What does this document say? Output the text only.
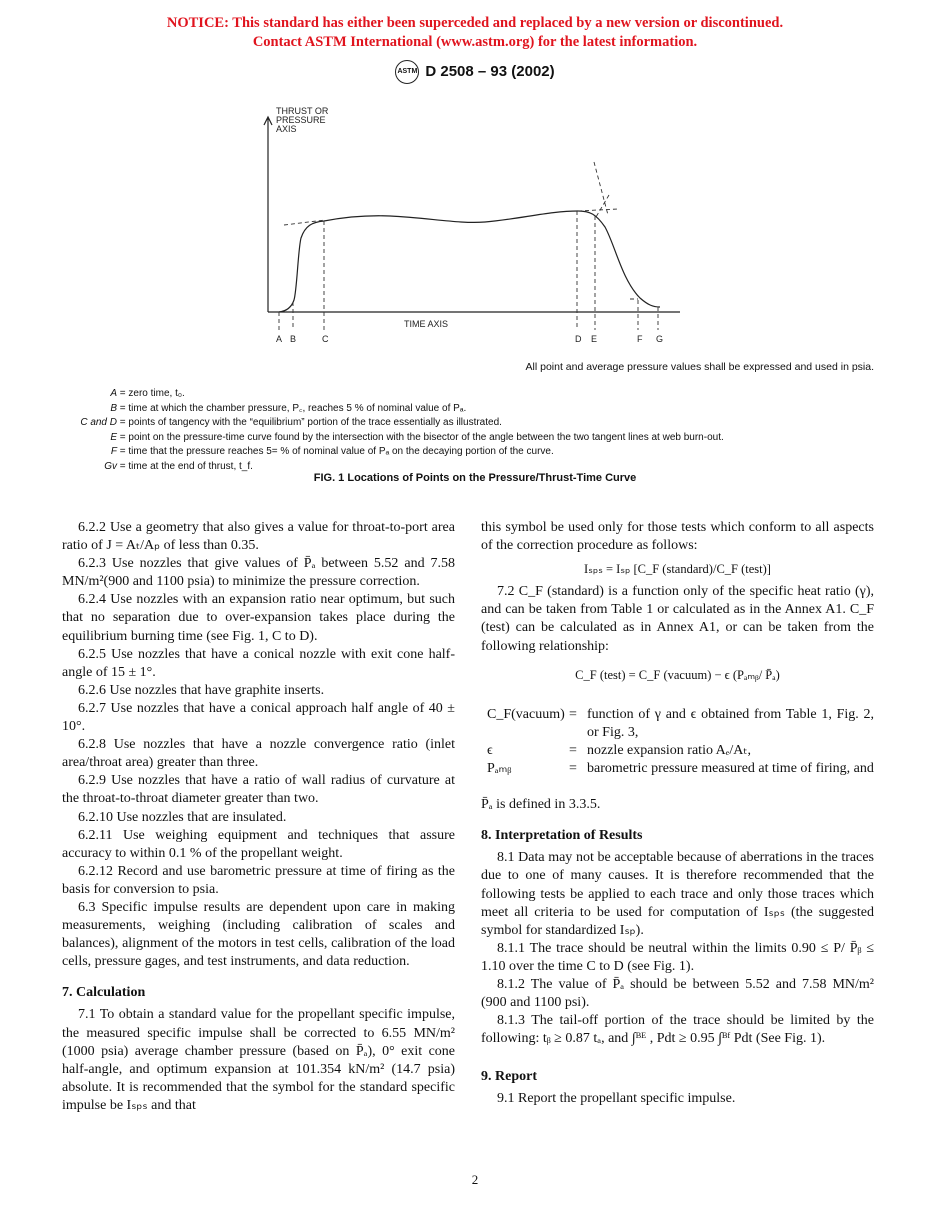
NOTICE: This standard has either been superceded and replaced by a new version or discontinued.
Contact ASTM International (www.astm.org) for the latest information.
ASTM D 2508 – 93 (2002)
THRUST OR
PRESSURE
AXIS
TIME AXIS
A B	C	D E	F G
All point and average pressure values shall be expressed and used in psia.
A = zero time, t₀.
B = time at which the chamber pressure, P꜀, reaches 5 % of nominal value of Pₐ.
C and D = points of tangency with the “equilibrium” portion of the trace essentially as illustrated.
E = point on the pressure-time curve found by the intersection with the bisector of the angle between the two tangent lines at web burn-out.
F = time that the pressure reaches 5= % of nominal value of Pₐ on the decaying portion of the curve.
Gv = time at the end of thrust, t_f.
FIG. 1 Locations of Points on the Pressure/Thrust-Time Curve

6.2.2 Use a geometry that also gives a value for throat-to-port area ratio of J = Aₜ/Aₚ of less than 0.35.

6.2.3 Use nozzles that give values of P̄ₐ between 5.52 and 7.58 MN/m²(900 and 1100 psia) to minimize the pressure correction.

6.2.4 Use nozzles with an expansion ratio near optimum, but such that no separation due to over-expansion takes place during the equilibrium burning time (see Fig. 1, C to D).

6.2.5 Use nozzles that have a conical nozzle with exit cone half-angle of 15 ± 1°.

6.2.6 Use nozzles that have graphite inserts.

6.2.7 Use nozzles that have a conical approach half angle of 40 ± 10°.

6.2.8 Use nozzles that have a nozzle convergence ratio (inlet area/throat area) greater than three.

6.2.9 Use nozzles that have a ratio of wall radius of curvature at the throat-to-throat diameter greater than two.

6.2.10 Use nozzles that are insulated.

6.2.11 Use weighing equipment and techniques that assure accuracy to within 0.1 % of the propellant weight.

6.2.12 Record and use barometric pressure at time of firing as the basis for conversion to psia.

6.3 Specific impulse results are dependent upon care in making measurements, weighing (including calibration of scales and balances), alignment of the motors in test cells, calibration of the load cells, pressure gages, and test instruments, and data reduction.

7. Calculation

7.1 To obtain a standard value for the propellant specific impulse, the measured specific impulse shall be corrected to 6.55 MN/m² (1000 psia) average chamber pressure (based on P̄ₐ), 0° exit cone half-angle, and optimum expansion at 101.354 kN/m² (14.7 psia) absolute. It is recommended that the symbol for the standard specific impulse be Iₛₚₛ and that

this symbol be used only for those tests which conform to all aspects of the correction procedure as follows:

Iₛₚₛ = Iₛₚ [C_F (standard)/C_F (test)]

7.2 C_F (standard) is a function only of the specific heat ratio (γ), and can be taken from Table 1 or calculated as in the Annex A1. C_F (test) can be calculated as in Annex A1, or can be taken from the following relationship:

C_F (test) = C_F (vacuum) − ϵ (Pₐₘᵦ/ P̄ₐ)
C_F(vacuum) = function of γ and ϵ obtained from Table 1, Fig. 2, or Fig. 3,
ϵ	= nozzle expansion ratio Aₑ/Aₜ,
Pₐₘᵦ	= barometric pressure measured at time of firing, and

P̄ₐ is defined in 3.3.5.

8. Interpretation of Results

8.1 Data may not be acceptable because of aberrations in the traces due to one of many causes. It is therefore recommended that the following tests be applied to each trace and only those traces which meet all criteria to be used for computation of Iₛₚₛ (the suggested symbol for standardized Iₛₚ).

8.1.1 The trace should be neutral within the limits 0.90 ≤ P/ P̄ᵦ ≤ 1.10 over the time C to D (see Fig. 1).

8.1.2 The value of P̄ₐ should be between 5.52 and 7.58 MN/m² (900 and 1100 psi).

8.1.3 The tail-off portion of the trace should be limited by the following: tᵦ ≥ 0.87 tₐ, and ∫ᴮᴱ , Pdt ≥ 0.95 ∫ᴮᶠ Pdt (See Fig. 1).

9. Report

9.1 Report the propellant specific impulse.

2
